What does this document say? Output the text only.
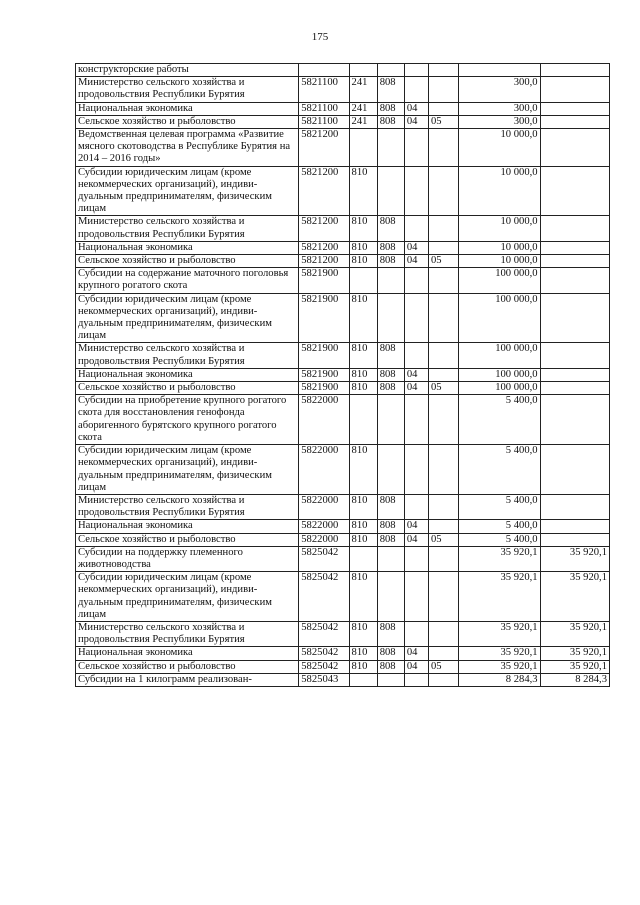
175
конструкторские работы							
Министерство сельского хозяйства и продовольствия Республики Бурятия	5821100	241	808			300,0	
Национальная экономика	5821100	241	808	04		300,0	
Сельское хозяйство и рыболовство	5821100	241	808	04	05	300,0	
Ведомственная целевая программа «Развитие мясного скотоводства в Республике Бурятия на 2014 – 2016 годы»	5821200					10 000,0	
Субсидии юридическим лицам (кроме некоммерческих организаций), индивидуальным предпринимателям, физическим лицам	5821200	810				10 000,0	
Министерство сельского хозяйства и продовольствия Республики Бурятия	5821200	810	808			10 000,0	
Национальная экономика	5821200	810	808	04		10 000,0	
Сельское хозяйство и рыболовство	5821200	810	808	04	05	10 000,0	
Субсидии на содержание маточного поголовья крупного рогатого скота	5821900					100 000,0	
Субсидии юридическим лицам (кроме некоммерческих организаций), индивидуальным предпринимателям, физическим лицам	5821900	810				100 000,0	
Министерство сельского хозяйства и продовольствия Республики Бурятия	5821900	810	808			100 000,0	
Национальная экономика	5821900	810	808	04		100 000,0	
Сельское хозяйство и рыболовство	5821900	810	808	04	05	100 000,0	
Субсидии на приобретение крупного рогатого скота для восстановления генофонда аборигенного бурятского крупного рогатого скота	5822000					5 400,0	
Субсидии юридическим лицам (кроме некоммерческих организаций), индивидуальным предпринимателям, физическим лицам	5822000	810				5 400,0	
Министерство сельского хозяйства и продовольствия Республики Бурятия	5822000	810	808			5 400,0	
Национальная экономика	5822000	810	808	04		5 400,0	
Сельское хозяйство и рыболовство	5822000	810	808	04	05	5 400,0	
Субсидии на поддержку племенного животноводства	5825042					35 920,1	35 920,1
Субсидии юридическим лицам (кроме некоммерческих организаций), индивидуальным предпринимателям, физическим лицам	5825042	810				35 920,1	35 920,1
Министерство сельского хозяйства и продовольствия Республики Бурятия	5825042	810	808			35 920,1	35 920,1
Национальная экономика	5825042	810	808	04		35 920,1	35 920,1
Сельское хозяйство и рыболовство	5825042	810	808	04	05	35 920,1	35 920,1
Субсидии на 1 килограмм реализован-	5825043					8 284,3	8 284,3
